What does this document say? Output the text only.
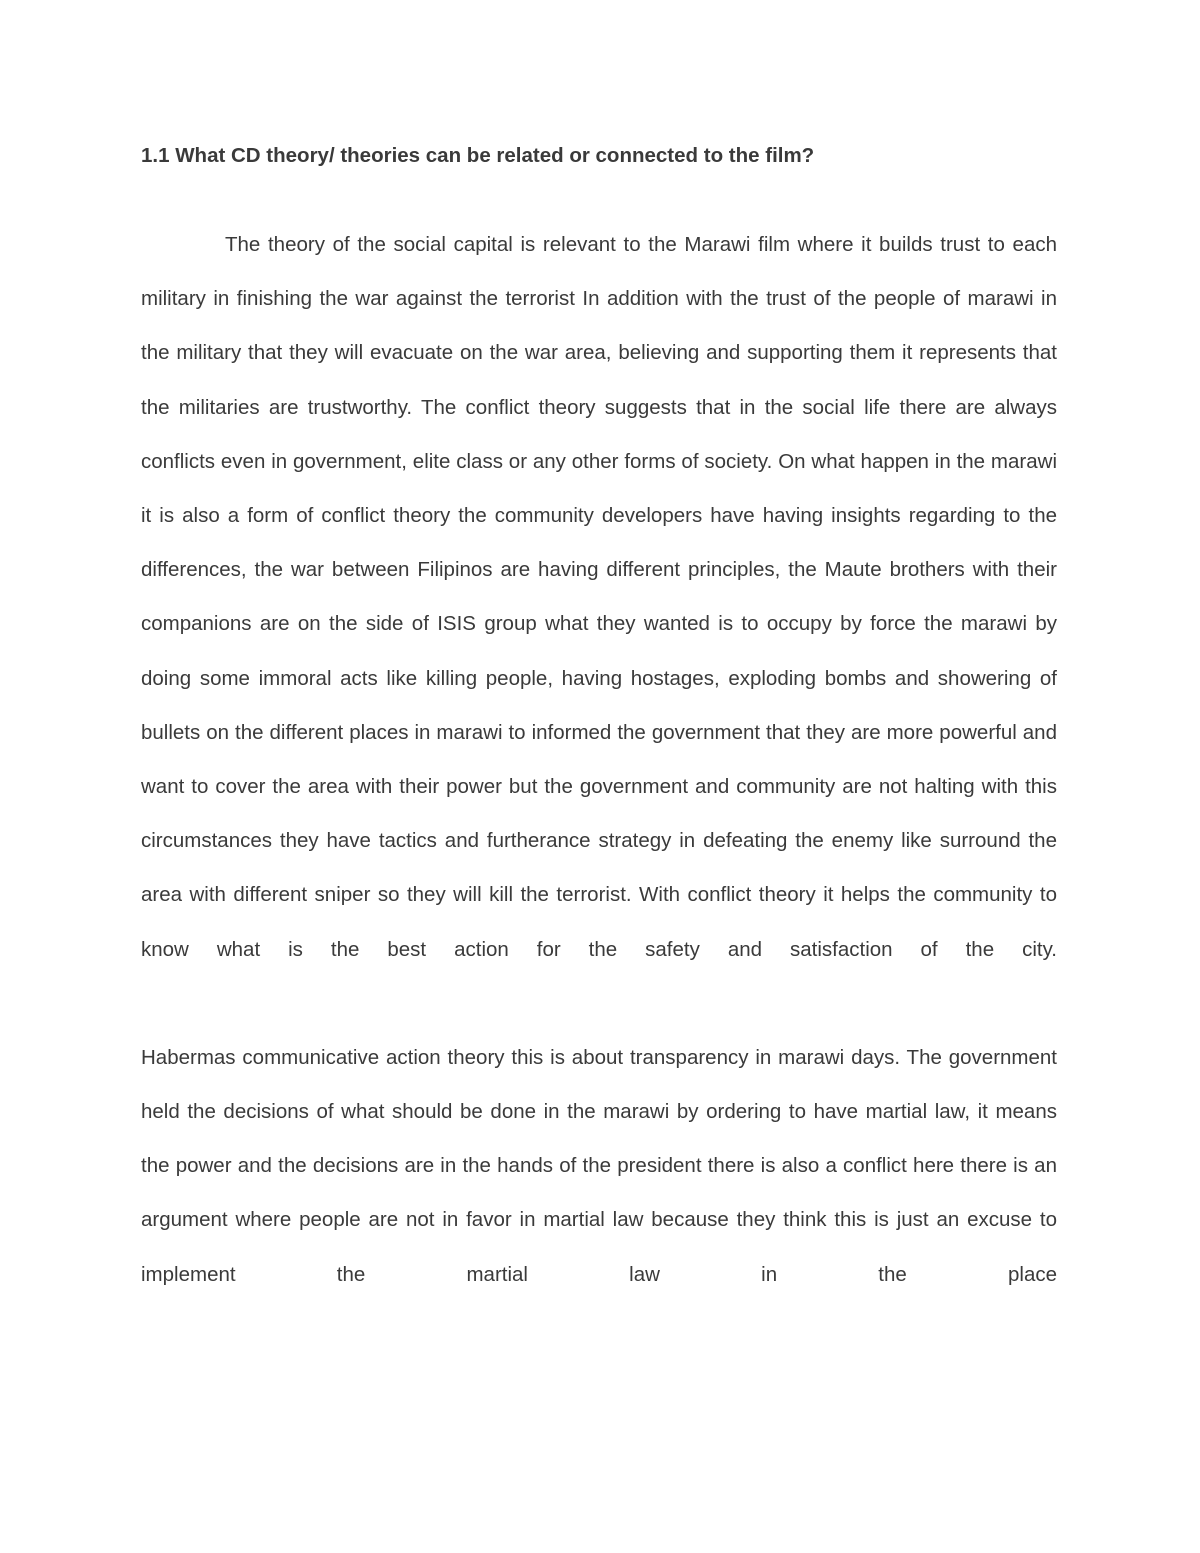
1.1 What CD theory/ theories can be related or connected to the film?

The theory of the social capital is relevant to the Marawi film where it builds trust to each military in finishing the war against the terrorist In addition with the trust of the people of marawi in the military that they will evacuate on the war area, believing and supporting them it represents that the militaries are trustworthy. The conflict theory suggests that in the social life there are always conflicts even in government, elite class or any other forms of society. On what happen in the marawi it is also a form of conflict theory the community developers have having insights regarding to the differences, the war between Filipinos are having different principles, the Maute brothers with their companions are on the side of ISIS group what they wanted is to occupy by force the marawi by doing some immoral acts like killing people, having hostages, exploding bombs and showering of bullets on the different places in marawi to informed the government that they are more powerful and want to cover the area with their power but the government and community are not halting with this circumstances they have tactics and furtherance strategy in defeating the enemy like surround the area with different sniper so they will kill the terrorist. With conflict theory it helps the community to know what is the best action for the safety and satisfaction of the city.

Habermas communicative action theory this is about transparency in marawi days. The government held the decisions of what should be done in the marawi by ordering to have martial law, it means the power and the decisions are in the hands of the president there is also a conflict here there is an argument where people are not in favor in martial law because they think this is just an excuse to implement the martial law in the place
